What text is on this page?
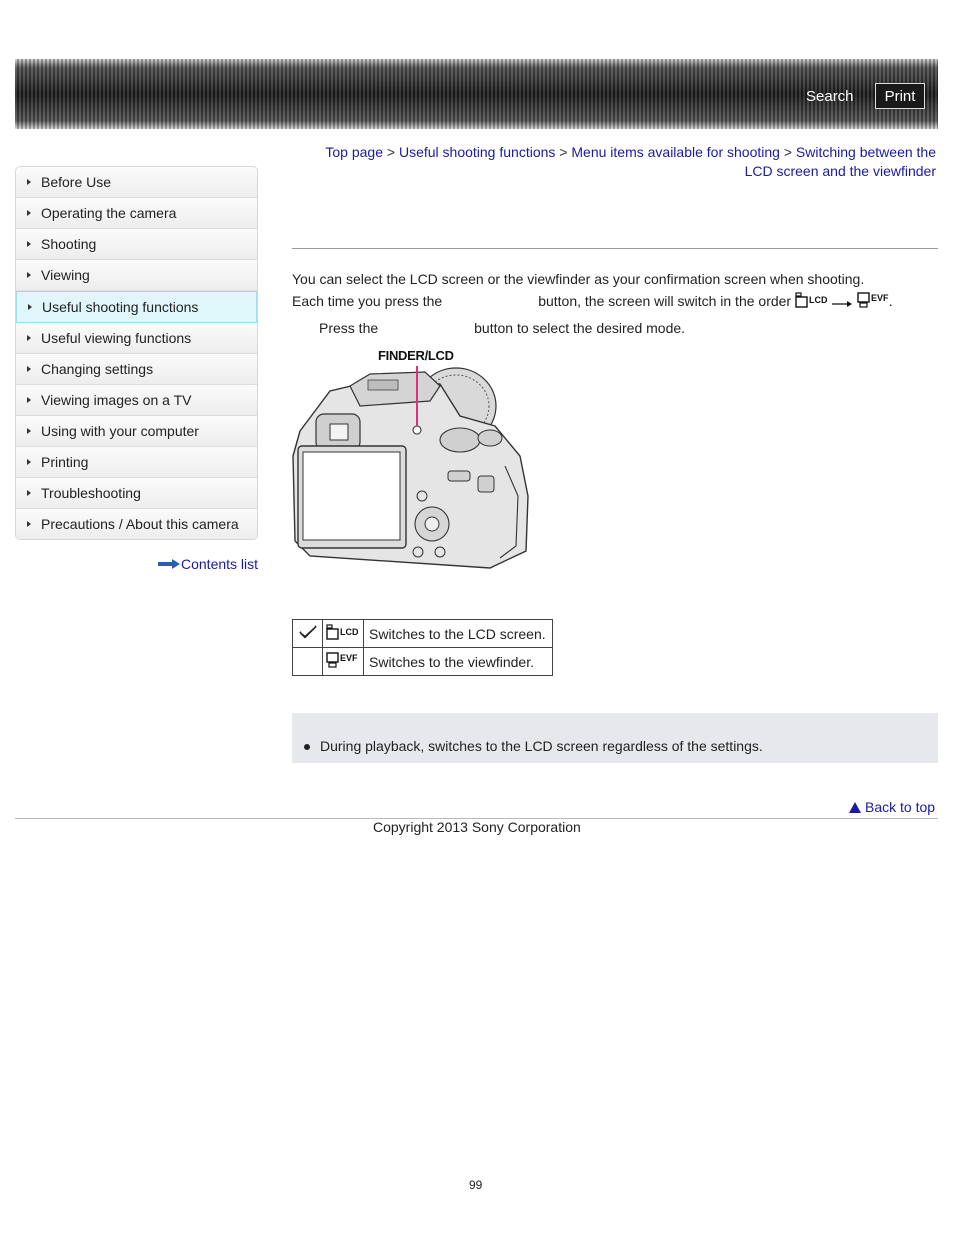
Search	Print
Before Use
Operating the camera
Shooting
Viewing
Useful shooting functions
Useful viewing functions
Changing settings
Viewing images on a TV
Using with your computer
Printing
Troubleshooting
Precautions / About this camera
Contents list
Top page > Useful shooting functions > Menu items available for shooting > Switching between the LCD screen and the viewfinder
You can select the LCD screen or the viewfinder as your confirmation screen when shooting.
Each time you press the	button, the screen will switch in the order LCD
	EVF .
Press the	button to select the desired mode.
FINDER/LCD

LCD	Switches to the LCD screen.

EVF	Switches to the viewfinder.
During playback, switches to the LCD screen regardless of the settings.
Back to top
Copyright 2013 Sony Corporation
99
